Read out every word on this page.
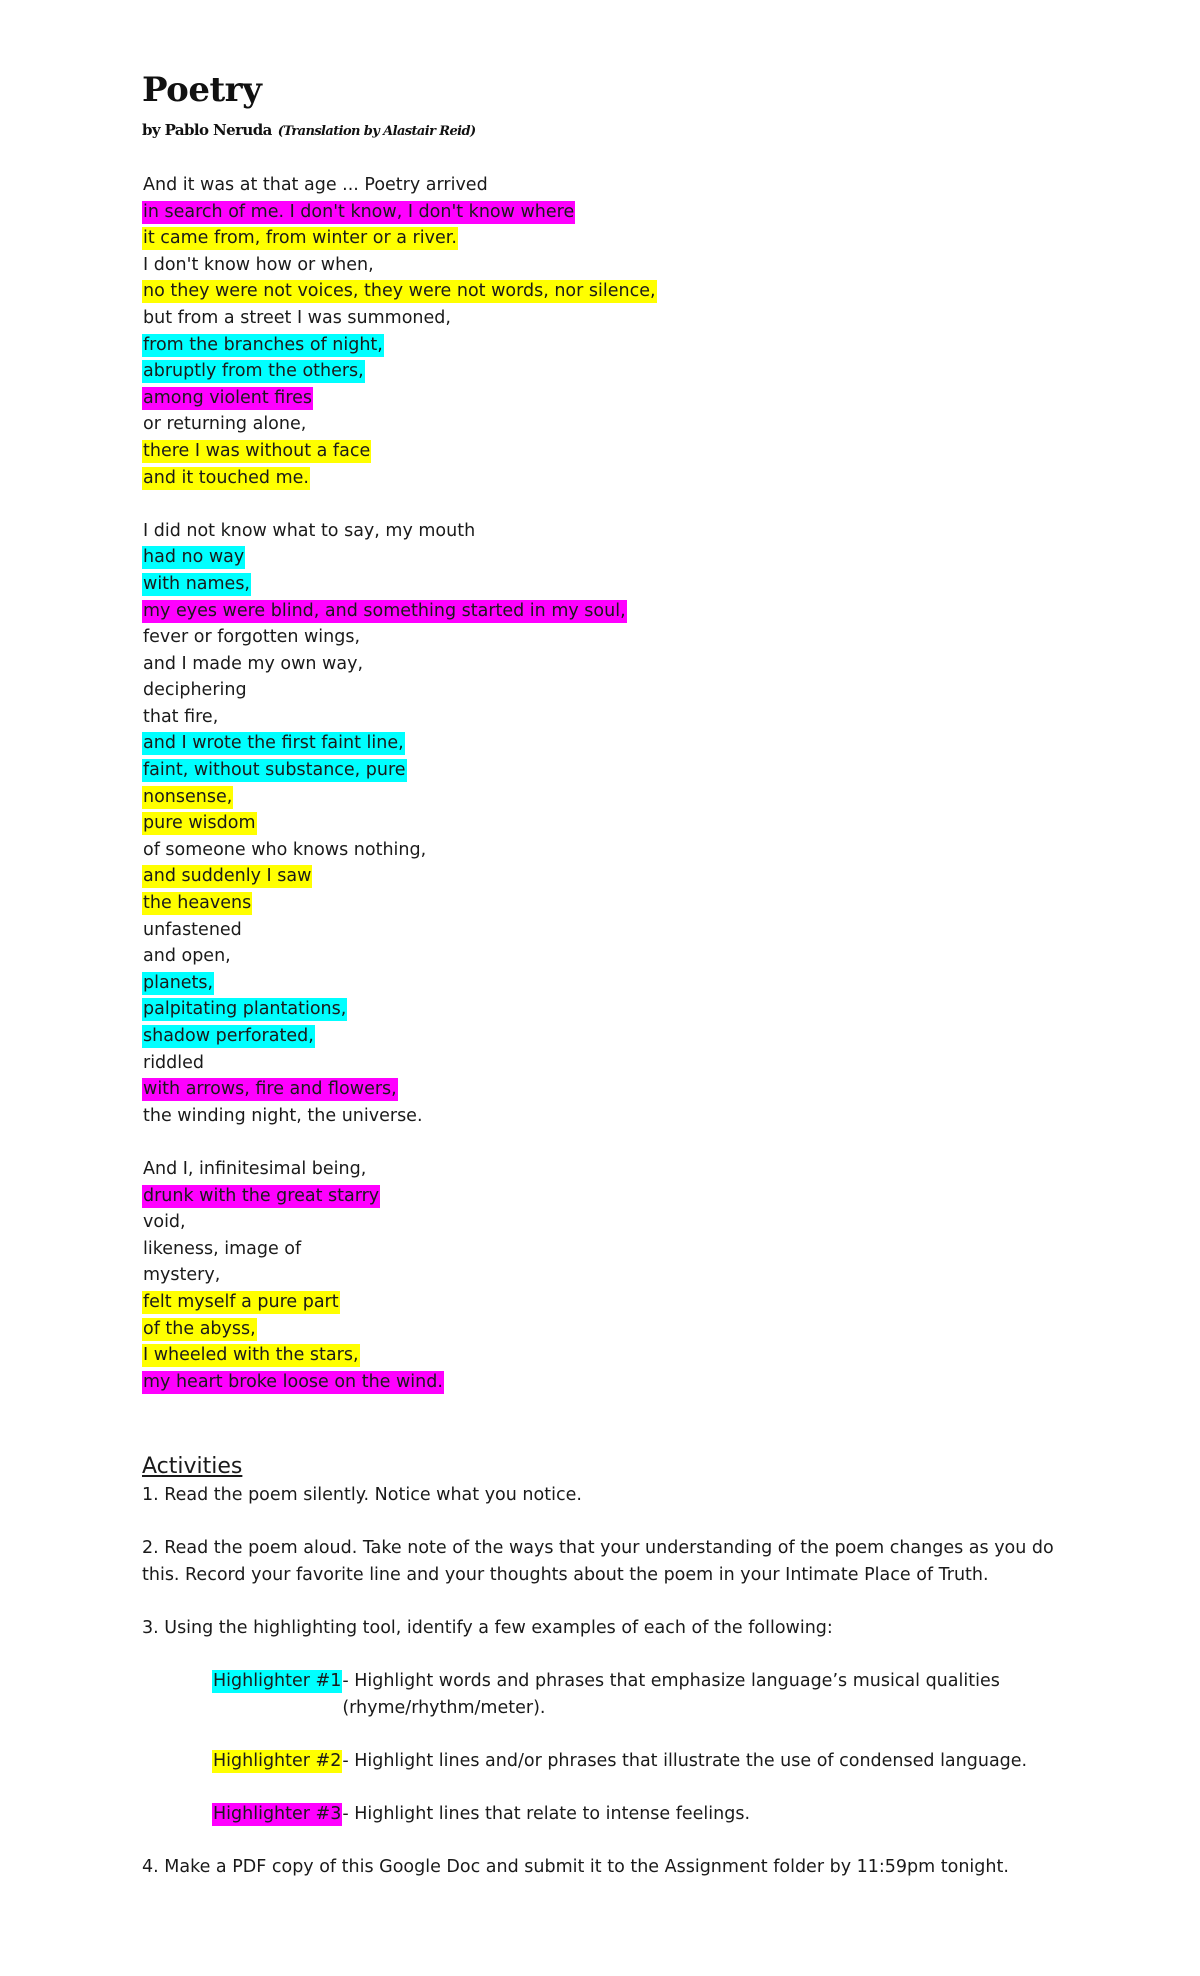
Poetry
by Pablo Neruda (Translation by Alastair Reid)
And it was at that age ... Poetry arrived
in search of me. I don't know, I don't know where
it came from, from winter or a river.
I don't know how or when,
no they were not voices, they were not words, nor silence,
but from a street I was summoned,
from the branches of night,
abruptly from the others,
among violent fires
or returning alone,
there I was without a face
and it touched me.
I did not know what to say, my mouth
had no way
with names,
my eyes were blind, and something started in my soul,
fever or forgotten wings,
and I made my own way,
deciphering
that fire,
and I wrote the first faint line,
faint, without substance, pure
nonsense,
pure wisdom
of someone who knows nothing,
and suddenly I saw
the heavens
unfastened
and open,
planets,
palpitating plantations,
shadow perforated,
riddled
with arrows, fire and flowers,
the winding night, the universe.
And I, infinitesimal being,
drunk with the great starry
void,
likeness, image of
mystery,
felt myself a pure part
of the abyss,
I wheeled with the stars,
my heart broke loose on the wind.
Activities
1. Read the poem silently. Notice what you notice.
2. Read the poem aloud. Take note of the ways that your understanding of the poem changes as you do this. Record your favorite line and your thoughts about the poem in your Intimate Place of Truth.
3. Using the highlighting tool, identify a few examples of each of the following:
Highlighter #1- Highlight words and phrases that emphasize language’s musical qualities (rhyme/rhythm/meter).
Highlighter #2- Highlight lines and/or phrases that illustrate the use of condensed language.
Highlighter #3- Highlight lines that relate to intense feelings.
4. Make a PDF copy of this Google Doc and submit it to the Assignment folder by 11:59pm tonight.
